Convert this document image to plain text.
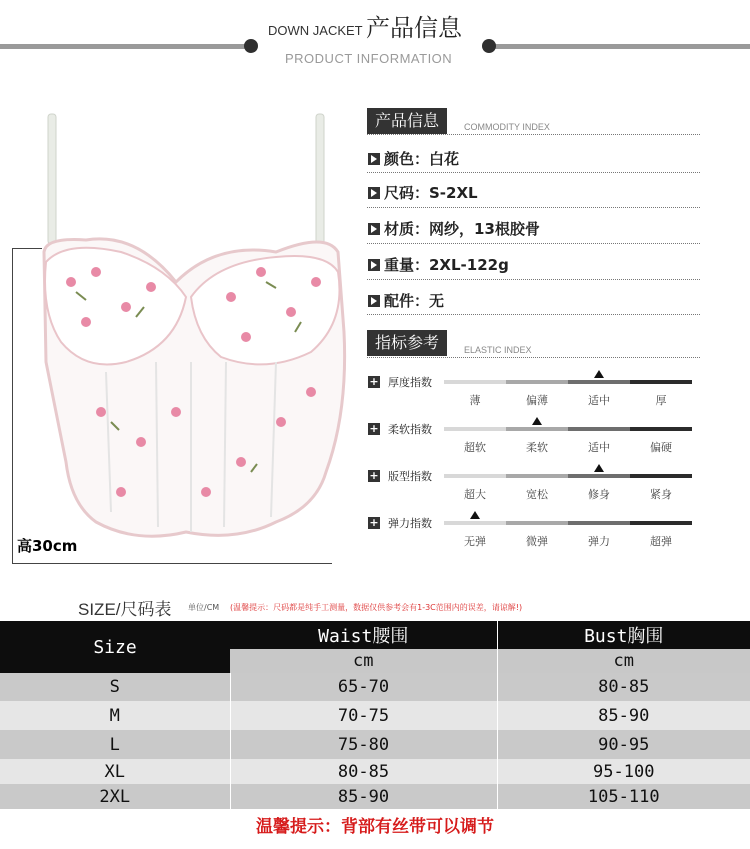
DOWN JACKET 产品信息
PRODUCT INFORMATION
高30cm
产品信息	COMMODITY INDEX
颜色：白花
尺码：S-2XL
材质：网纱，13根胶骨
重量：2XL-122g
配件：无
指标参考	ELASTIC INDEX
+ 厚度指数
薄	偏薄	适中	厚
+ 柔软指数
超软	柔软	适中	偏硬
+ 版型指数
超大	宽松	修身	紧身
+ 弹力指数
无弹	微弹	弹力	超弹
SIZE/尺码表 单位/CM (温馨提示：尺码都是纯手工测量，数据仅供参考会有1-3C范围内的误差，请谅解!)
Size	Waist腰围	Bust胸围
	cm	cm
S	65-70	80-85
M	70-75	85-90
L	75-80	90-95
XL	80-85	95-100
2XL	85-90	105-110
温馨提示：背部有丝带可以调节
